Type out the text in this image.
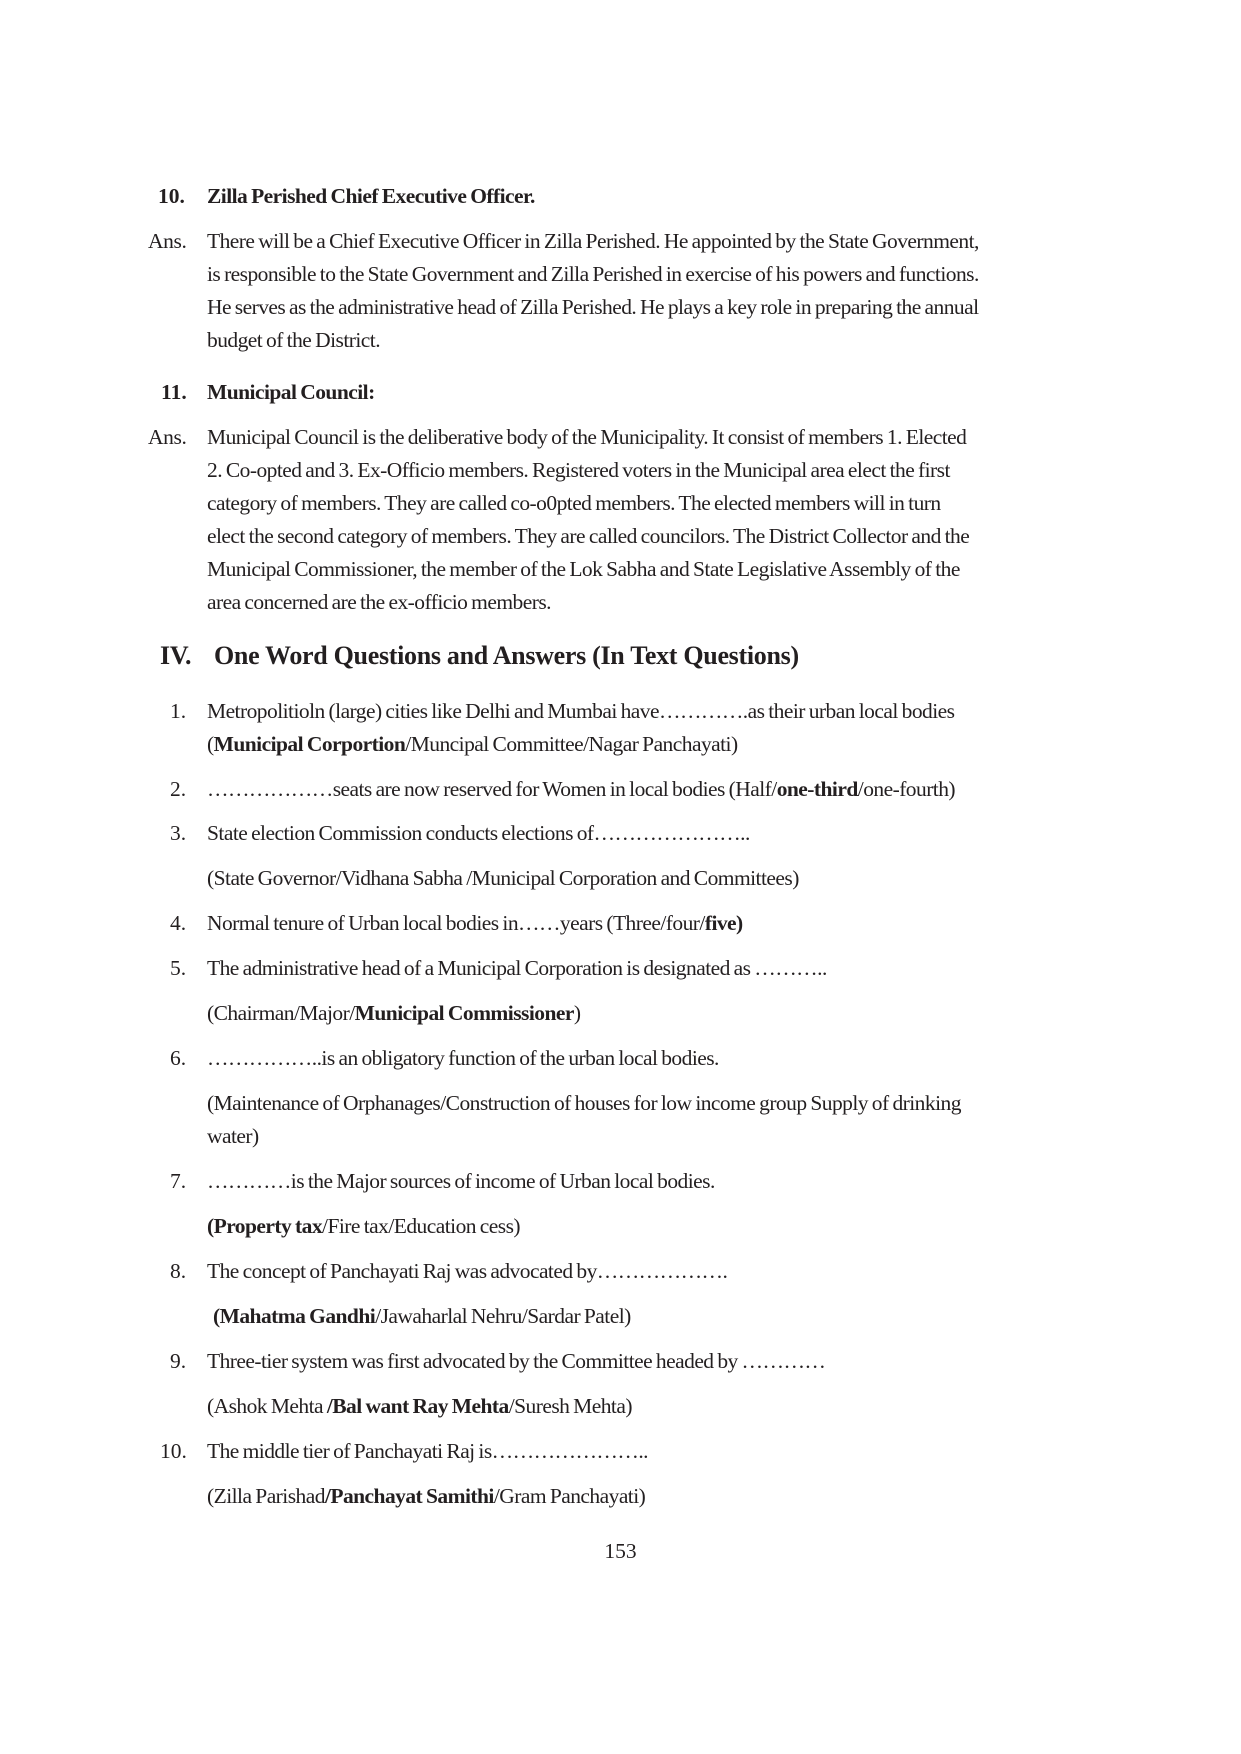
10. Zilla Perished Chief Executive Officer.
Ans. There will be a Chief Executive Officer in Zilla Perished. He appointed by the State Government,
is responsible to the State Government and Zilla Perished in exercise of his powers and functions.
He serves as the administrative head of Zilla Perished. He plays a key role in preparing the annual
budget of the District.
11. Municipal Council:
Ans. Municipal Council is the deliberative body of the Municipality. It consist of members 1. Elected
2. Co-opted and 3. Ex-Officio members. Registered voters in the Municipal area elect the first
category of members. They are called co-o0pted members. The elected members will in turn
elect the second category of members. They are called councilors. The District Collector and the
Municipal Commissioner, the member of the Lok Sabha and State Legislative Assembly of the
area concerned are the ex-officio members.
IV. One Word Questions and Answers (In Text Questions)
1. Metropolitioln (large) cities like Delhi and Mumbai have………….as their urban local bodies
(Municipal Corportion/Muncipal Committee/Nagar Panchayati)
2. ………………seats are now reserved for Women in local bodies (Half/one-third/one-fourth)
3. State election Commission conducts elections of…………………..
(State Governor/Vidhana Sabha /Municipal Corporation and Committees)
4. Normal tenure of Urban local bodies in……years (Three/four/five)
5. The administrative head of a Municipal Corporation is designated as ………..
(Chairman/Major/Municipal Commissioner)
6. ……………..is an obligatory function of the urban local bodies.
(Maintenance of Orphanages/Construction of houses for low income group Supply of drinking
water)
7. …………is the Major sources of income of Urban local bodies.
(Property tax/Fire tax/Education cess)
8. The concept of Panchayati Raj was advocated by……………….
(Mahatma Gandhi/Jawaharlal Nehru/Sardar Patel)
9. Three-tier system was first advocated by the Committee headed by …………
(Ashok Mehta /Bal want Ray Mehta/Suresh Mehta)
10. The middle tier of Panchayati Raj is…………………..
(Zilla Parishad/Panchayat Samithi/Gram Panchayati)
153
